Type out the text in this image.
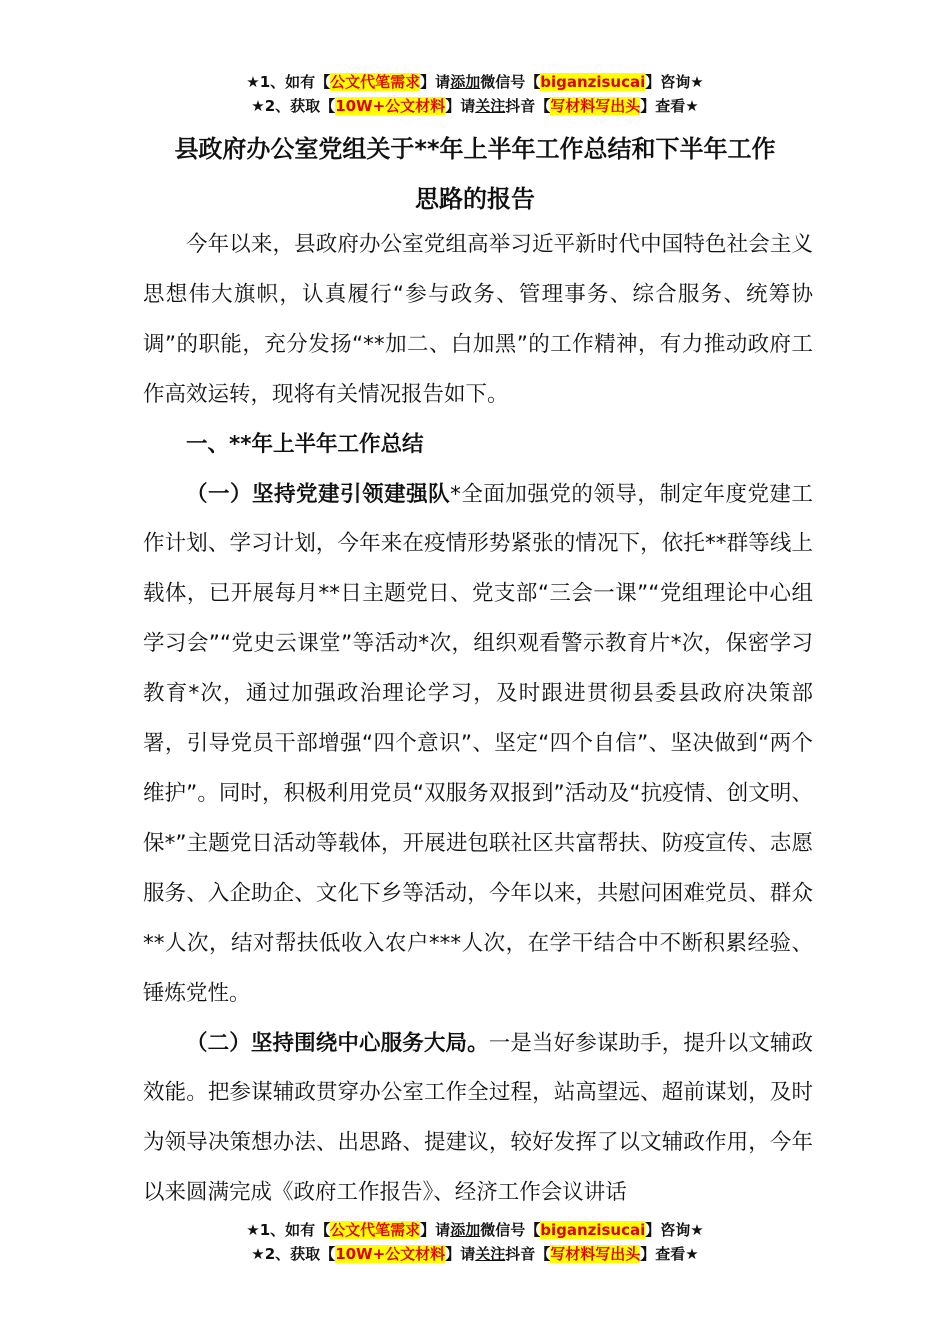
★1、如有【公文代笔需求】请添加微信号【biganzisucai】咨询★
★2、获取【10W+公文材料】请关注抖音【写材料写出头】查看★
县政府办公室党组关于**年上半年工作总结和下半年工作
思路的报告

今年以来，县政府办公室党组高举习近平新时代中国特色社会主义思想伟大旗帜，认真履行“参与政务、管理事务、综合服务、统筹协调”的职能，充分发扬“**加二、白加黑”的工作精神，有力推动政府工作高效运转，现将有关情况报告如下。

一、**年上半年工作总结

（一）坚持党建引领建强队*全面加强党的领导，制定年度党建工作计划、学习计划，今年来在疫情形势紧张的情况下，依托**群等线上载体，已开展每月**日主题党日、党支部“三会一课”“党组理论中心组学习会”“党史云课堂”等活动*次，组织观看警示教育片*次，保密学习教育*次，通过加强政治理论学习，及时跟进贯彻县委县政府决策部署，引导党员干部增强“四个意识”、坚定“四个自信”、坚决做到“两个维护”。同时，积极利用党员“双服务双报到”活动及“抗疫情、创文明、保*”主题党日活动等载体，开展进包联社区共富帮扶、防疫宣传、志愿服务、入企助企、文化下乡等活动，今年以来，共慰问困难党员、群众**人次，结对帮扶低收入农户***人次，在学干结合中不断积累经验、锤炼党性。

（二）坚持围绕中心服务大局。一是当好参谋助手，提升以文辅政效能。把参谋辅政贯穿办公室工作全过程，站高望远、超前谋划，及时为领导决策想办法、出思路、提建议，较好发挥了以文辅政作用，今年以来圆满完成《政府工作报告》、经济工作会议讲话

★1、如有【公文代笔需求】请添加微信号【biganzisucai】咨询★
★2、获取【10W+公文材料】请关注抖音【写材料写出头】查看★
